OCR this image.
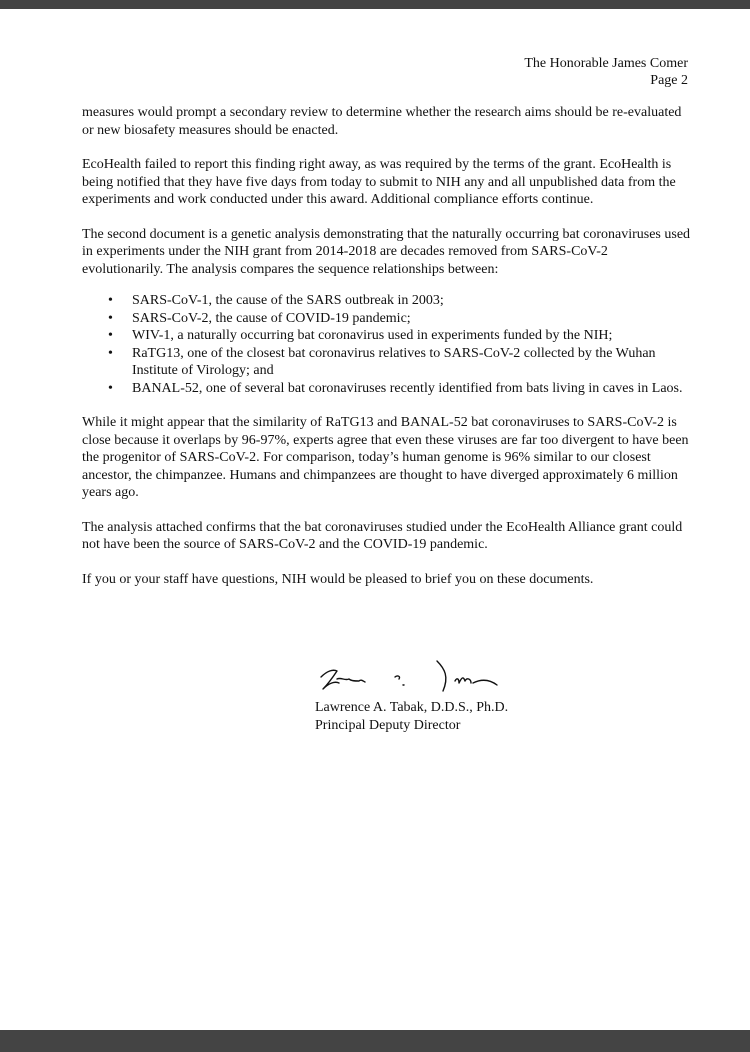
The Honorable James Comer
Page 2

measures would prompt a secondary review to determine whether the research aims should be re-evaluated or new biosafety measures should be enacted.

EcoHealth failed to report this finding right away, as was required by the terms of the grant. EcoHealth is being notified that they have five days from today to submit to NIH any and all unpublished data from the experiments and work conducted under this award. Additional compliance efforts continue.

The second document is a genetic analysis demonstrating that the naturally occurring bat coronaviruses used in experiments under the NIH grant from 2014-2018 are decades removed from SARS-CoV-2 evolutionarily. The analysis compares the sequence relationships between:

• SARS-CoV-1, the cause of the SARS outbreak in 2003;
• SARS-CoV-2, the cause of COVID-19 pandemic;
• WIV-1, a naturally occurring bat coronavirus used in experiments funded by the NIH;
• RaTG13, one of the closest bat coronavirus relatives to SARS-CoV-2 collected by the Wuhan Institute of Virology; and
• BANAL-52, one of several bat coronaviruses recently identified from bats living in caves in Laos.

While it might appear that the similarity of RaTG13 and BANAL-52 bat coronaviruses to SARS-CoV-2 is close because it overlaps by 96-97%, experts agree that even these viruses are far too divergent to have been the progenitor of SARS-CoV-2. For comparison, today’s human genome is 96% similar to our closest ancestor, the chimpanzee. Humans and chimpanzees are thought to have diverged approximately 6 million years ago.

The analysis attached confirms that the bat coronaviruses studied under the EcoHealth Alliance grant could not have been the source of SARS-CoV-2 and the COVID-19 pandemic.

If you or your staff have questions, NIH would be pleased to brief you on these documents.

Lawrence A. Tabak, D.D.S., Ph.D.
Principal Deputy Director
